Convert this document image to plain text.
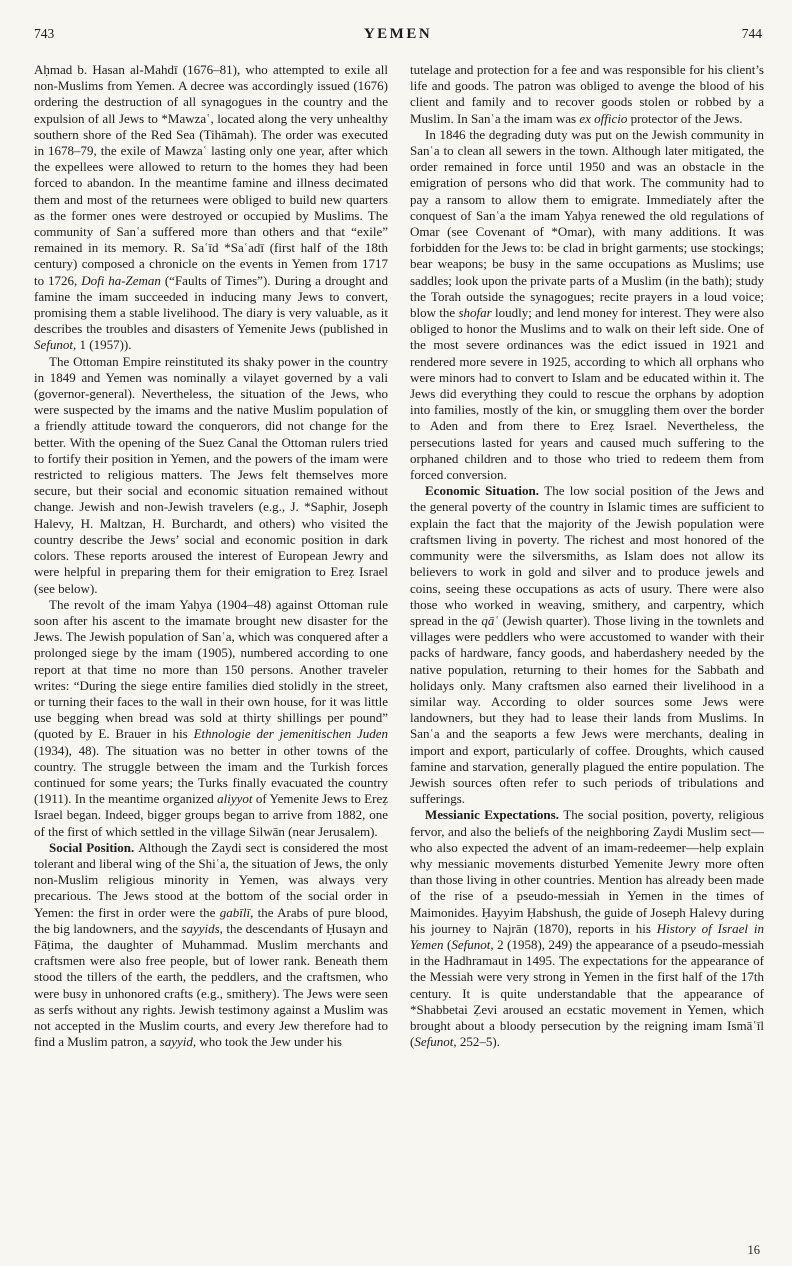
743	YEMEN	744

Aḥmad b. Hasan al-Mahdī (1676–81), who attempted to exile all non-Muslims from Yemen. A decree was accordingly issued (1676) ordering the destruction of all synagogues in the country and the expulsion of all Jews to *Mawzaʿ, located along the very unhealthy southern shore of the Red Sea (Tihāmah). The order was executed in 1678–79, the exile of Mawzaʿ lasting only one year, after which the expellees were allowed to return to the homes they had been forced to abandon. In the meantime famine and illness decimated them and most of the returnees were obliged to build new quarters as the former ones were destroyed or occupied by Muslims. The community of Sanʿa suffered more than others and that “exile” remained in its memory. R. Saʿīd *Saʿadī (first half of the 18th century) composed a chronicle on the events in Yemen from 1717 to 1726, Dofi ha-Zeman (“Faults of Times”). During a drought and famine the imam succeeded in inducing many Jews to convert, promising them a stable livelihood. The diary is very valuable, as it describes the troubles and disasters of Yemenite Jews (published in Sefunot, 1 (1957)).

The Ottoman Empire reinstituted its shaky power in the country in 1849 and Yemen was nominally a vilayet governed by a vali (governor-general). Nevertheless, the situation of the Jews, who were suspected by the imams and the native Muslim population of a friendly attitude toward the conquerors, did not change for the better. With the opening of the Suez Canal the Ottoman rulers tried to fortify their position in Yemen, and the powers of the imam were restricted to religious matters. The Jews felt themselves more secure, but their social and economic situation remained without change. Jewish and non-Jewish travelers (e.g., J. *Saphir, Joseph Halevy, H. Maltzan, H. Burchardt, and others) who visited the country describe the Jews’ social and economic position in dark colors. These reports aroused the interest of European Jewry and were helpful in preparing them for their emigration to Ereẓ Israel (see below).

The revolt of the imam Yaḥya (1904–48) against Ottoman rule soon after his ascent to the imamate brought new disaster for the Jews. The Jewish population of Sanʿa, which was conquered after a prolonged siege by the imam (1905), numbered according to one report at that time no more than 150 persons. Another traveler writes: “During the siege entire families died stolidly in the street, or turning their faces to the wall in their own house, for it was little use begging when bread was sold at thirty shillings per pound” (quoted by E. Brauer in his Ethnologie der jemenitischen Juden (1934), 48). The situation was no better in other towns of the country. The struggle between the imam and the Turkish forces continued for some years; the Turks finally evacuated the country (1911). In the meantime organized aliyyot of Yemenite Jews to Ereẓ Israel began. Indeed, bigger groups began to arrive from 1882, one of the first of which settled in the village Silwān (near Jerusalem).

Social Position. Although the Zaydi sect is considered the most tolerant and liberal wing of the Shiʿa, the situation of Jews, the only non-Muslim religious minority in Yemen, was always very precarious. The Jews stood at the bottom of the social order in Yemen: the first in order were the gabīlī, the Arabs of pure blood, the big landowners, and the sayyids, the descendants of Ḥusayn and Fāṭima, the daughter of Muhammad. Muslim merchants and craftsmen were also free people, but of lower rank. Beneath them stood the tillers of the earth, the peddlers, and the craftsmen, who were busy in unhonored crafts (e.g., smithery). The Jews were seen as serfs without any rights. Jewish testimony against a Muslim was not accepted in the Muslim courts, and every Jew therefore had to find a Muslim patron, a sayyid, who took the Jew under his

tutelage and protection for a fee and was responsible for his client’s life and goods. The patron was obliged to avenge the blood of his client and family and to recover goods stolen or robbed by a Muslim. In Sanʿa the imam was ex officio protector of the Jews.

In 1846 the degrading duty was put on the Jewish community in Sanʿa to clean all sewers in the town. Although later mitigated, the order remained in force until 1950 and was an obstacle in the emigration of persons who did that work. The community had to pay a ransom to allow them to emigrate. Immediately after the conquest of Sanʿa the imam Yaḥya renewed the old regulations of Omar (see Covenant of *Omar), with many additions. It was forbidden for the Jews to: be clad in bright garments; use stockings; bear weapons; be busy in the same occupations as Muslims; use saddles; look upon the private parts of a Muslim (in the bath); study the Torah outside the synagogues; recite prayers in a loud voice; blow the shofar loudly; and lend money for interest. They were also obliged to honor the Muslims and to walk on their left side. One of the most severe ordinances was the edict issued in 1921 and rendered more severe in 1925, according to which all orphans who were minors had to convert to Islam and be educated within it. The Jews did everything they could to rescue the orphans by adoption into families, mostly of the kin, or smuggling them over the border to Aden and from there to Ereẓ Israel. Nevertheless, the persecutions lasted for years and caused much suffering to the orphaned children and to those who tried to redeem them from forced conversion.

Economic Situation. The low social position of the Jews and the general poverty of the country in Islamic times are sufficient to explain the fact that the majority of the Jewish population were craftsmen living in poverty. The richest and most honored of the community were the silversmiths, as Islam does not allow its believers to work in gold and silver and to produce jewels and coins, seeing these occupations as acts of usury. There were also those who worked in weaving, smithery, and carpentry, which spread in the qāʿ (Jewish quarter). Those living in the townlets and villages were peddlers who were accustomed to wander with their packs of hardware, fancy goods, and haberdashery needed by the native population, returning to their homes for the Sabbath and holidays only. Many craftsmen also earned their livelihood in a similar way. According to older sources some Jews were landowners, but they had to lease their lands from Muslims. In Sanʿa and the seaports a few Jews were merchants, dealing in import and export, particularly of coffee. Droughts, which caused famine and starvation, generally plagued the entire population. The Jewish sources often refer to such periods of tribulations and sufferings.

Messianic Expectations. The social position, poverty, religious fervor, and also the beliefs of the neighboring Zaydi Muslim sect—who also expected the advent of an imam-redeemer—help explain why messianic movements disturbed Yemenite Jewry more often than those living in other countries. Mention has already been made of the rise of a pseudo-messiah in Yemen in the times of Maimonides. Ḥayyim Ḥabshush, the guide of Joseph Halevy during his journey to Najrān (1870), reports in his History of Israel in Yemen (Sefunot, 2 (1958), 249) the appearance of a pseudo-messiah in the Hadhramaut in 1495. The expectations for the appearance of the Messiah were very strong in Yemen in the first half of the 17th century. It is quite understandable that the appearance of *Shabbetai Ẓevi aroused an ecstatic movement in Yemen, which brought about a bloody persecution by the reigning imam Ismāʿīl (Sefunot, 252–5).

16
